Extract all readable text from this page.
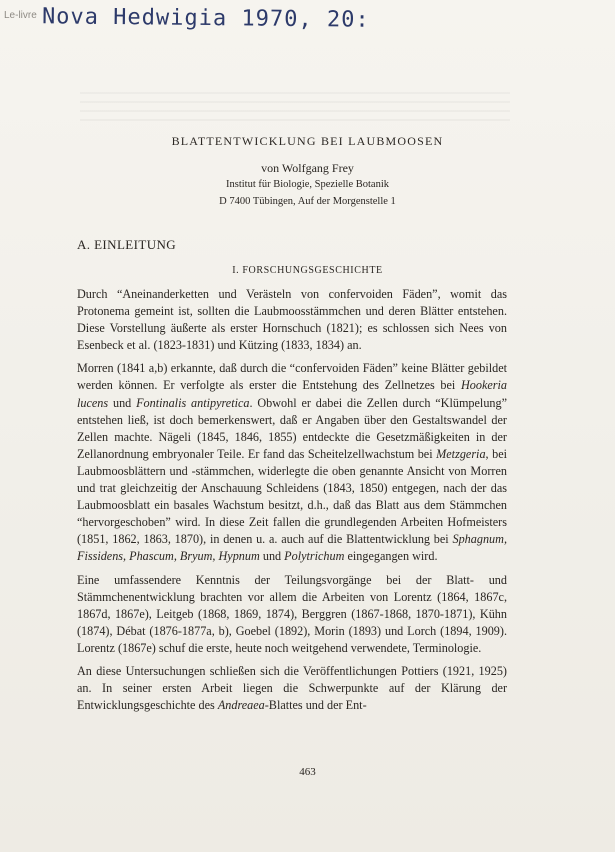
Le-livre Nova Hedwigia 1970, 20:
BLATTENTWICKLUNG BEI LAUBMOOSEN
von Wolfgang Frey
Institut für Biologie, Spezielle Botanik
D 7400 Tübingen, Auf der Morgenstelle 1
A. EINLEITUNG
I. FORSCHUNGSGESCHICHTE

Durch “Aneinanderketten und Verästeln von confervoiden Fäden”, womit das Protonema gemeint ist, sollten die Laubmoosstämmchen und deren Blätter entstehen. Diese Vorstellung äußerte als erster Hornschuch (1821); es schlossen sich Nees von Esenbeck et al. (1823-1831) und Kützing (1833, 1834) an.

Morren (1841 a,b) erkannte, daß durch die “confervoiden Fäden” keine Blätter gebildet werden können. Er verfolgte als erster die Entstehung des Zellnetzes bei Hookeria lucens und Fontinalis antipyretica. Obwohl er dabei die Zellen durch “Klümpelung” entstehen ließ, ist doch bemerkenswert, daß er Angaben über den Gestaltswandel der Zellen machte. Nägeli (1845, 1846, 1855) entdeckte die Gesetzmäßigkeiten in der Zellanordnung embryonaler Teile. Er fand das Scheitelzellwachstum bei Metzgeria, bei Laubmoosblättern und -stämmchen, widerlegte die oben genannte Ansicht von Morren und trat gleichzeitig der Anschauung Schleidens (1843, 1850) entgegen, nach der das Laubmoosblatt ein basales Wachstum besitzt, d.h., daß das Blatt aus dem Stämmchen “hervorgeschoben” wird. In diese Zeit fallen die grundlegenden Arbeiten Hofmeisters (1851, 1862, 1863, 1870), in denen u. a. auch auf die Blattentwicklung bei Sphagnum, Fissidens, Phascum, Bryum, Hypnum und Polytrichum eingegangen wird.

Eine umfassendere Kenntnis der Teilungsvorgänge bei der Blatt- und Stämmchenentwicklung brachten vor allem die Arbeiten von Lorentz (1864, 1867c, 1867d, 1867e), Leitgeb (1868, 1869, 1874), Berggren (1867-1868, 1870-1871), Kühn (1874), Débat (1876-1877a, b), Goebel (1892), Morin (1893) und Lorch (1894, 1909). Lorentz (1867e) schuf die erste, heute noch weitgehend verwendete, Terminologie.

An diese Untersuchungen schließen sich die Veröffentlichungen Pottiers (1921, 1925) an. In seiner ersten Arbeit liegen die Schwerpunkte auf der Klärung der Entwicklungsgeschichte des Andreaea-Blattes und der Ent-

463
